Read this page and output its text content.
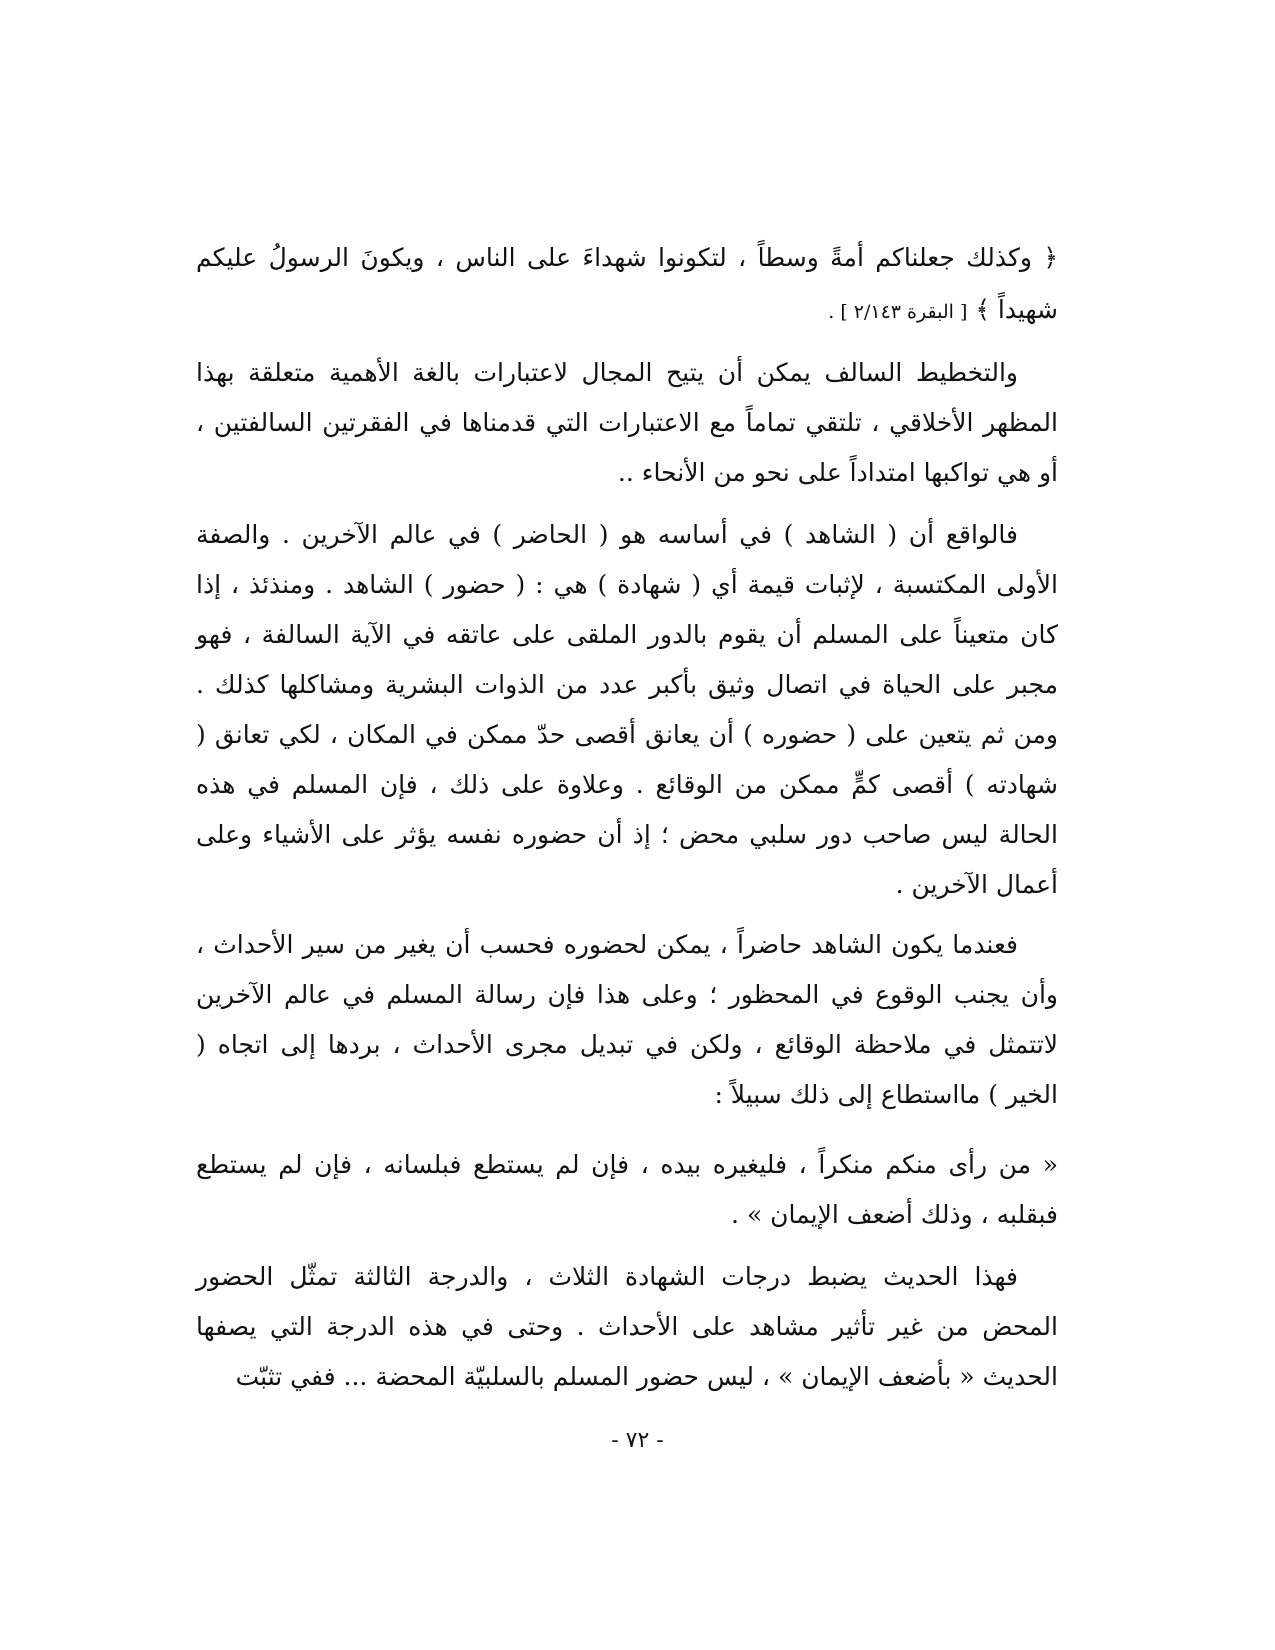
﴿ وكذلك جعلناكم أمةً وسطاً ، لتكونوا شهداءَ على الناس ، ويكونَ الرسولُ عليكم شهيداً ﴾ [ البقرة ٢/١٤٣ ] .

والتخطيط السالف يمكن أن يتيح المجال لاعتبارات بالغة الأهمية متعلقة بهذا المظهر الأخلاقي ، تلتقي تماماً مع الاعتبارات التي قدمناها في الفقرتين السالفتين ، أو هي تواكبها امتداداً على نحو من الأنحاء ..

فالواقع أن ( الشاهد ) في أساسه هو ( الحاضر ) في عالم الآخرين . والصفة الأولى المكتسبة ، لإثبات قيمة أي ( شهادة ) هي : ( حضور ) الشاهد . ومنذئذ ، إذا كان متعيناً على المسلم أن يقوم بالدور الملقى على عاتقه في الآية السالفة ، فهو مجبر على الحياة في اتصال وثيق بأكبر عدد من الذوات البشرية ومشاكلها كذلك . ومن ثم يتعين على ( حضوره ) أن يعانق أقصى حدّ ممكن في المكان ، لكي تعانق ( شهادته ) أقصى كمٍّ ممكن من الوقائع . وعلاوة على ذلك ، فإن المسلم في هذه الحالة ليس صاحب دور سلبي محض ؛ إذ أن حضوره نفسه يؤثر على الأشياء وعلى أعمال الآخرين .

فعندما يكون الشاهد حاضراً ، يمكن لحضوره فحسب أن يغير من سير الأحداث ، وأن يجنب الوقوع في المحظور ؛ وعلى هذا فإن رسالة المسلم في عالم الآخرين لاتتمثل في ملاحظة الوقائع ، ولكن في تبديل مجرى الأحداث ، بردها إلى اتجاه ( الخير ) مااستطاع إلى ذلك سبيلاً :

« من رأى منكم منكراً ، فليغيره بيده ، فإن لم يستطع فبلسانه ، فإن لم يستطع فبقلبه ، وذلك أضعف الإيمان » .

فهذا الحديث يضبط درجات الشهادة الثلاث ، والدرجة الثالثة تمثّل الحضور المحض من غير تأثير مشاهد على الأحداث . وحتى في هذه الدرجة التي يصفها الحديث « بأضعف الإيمان » ، ليس حضور المسلم بالسلبيّة المحضة ... ففي تثبّت

- ٧٢ -
